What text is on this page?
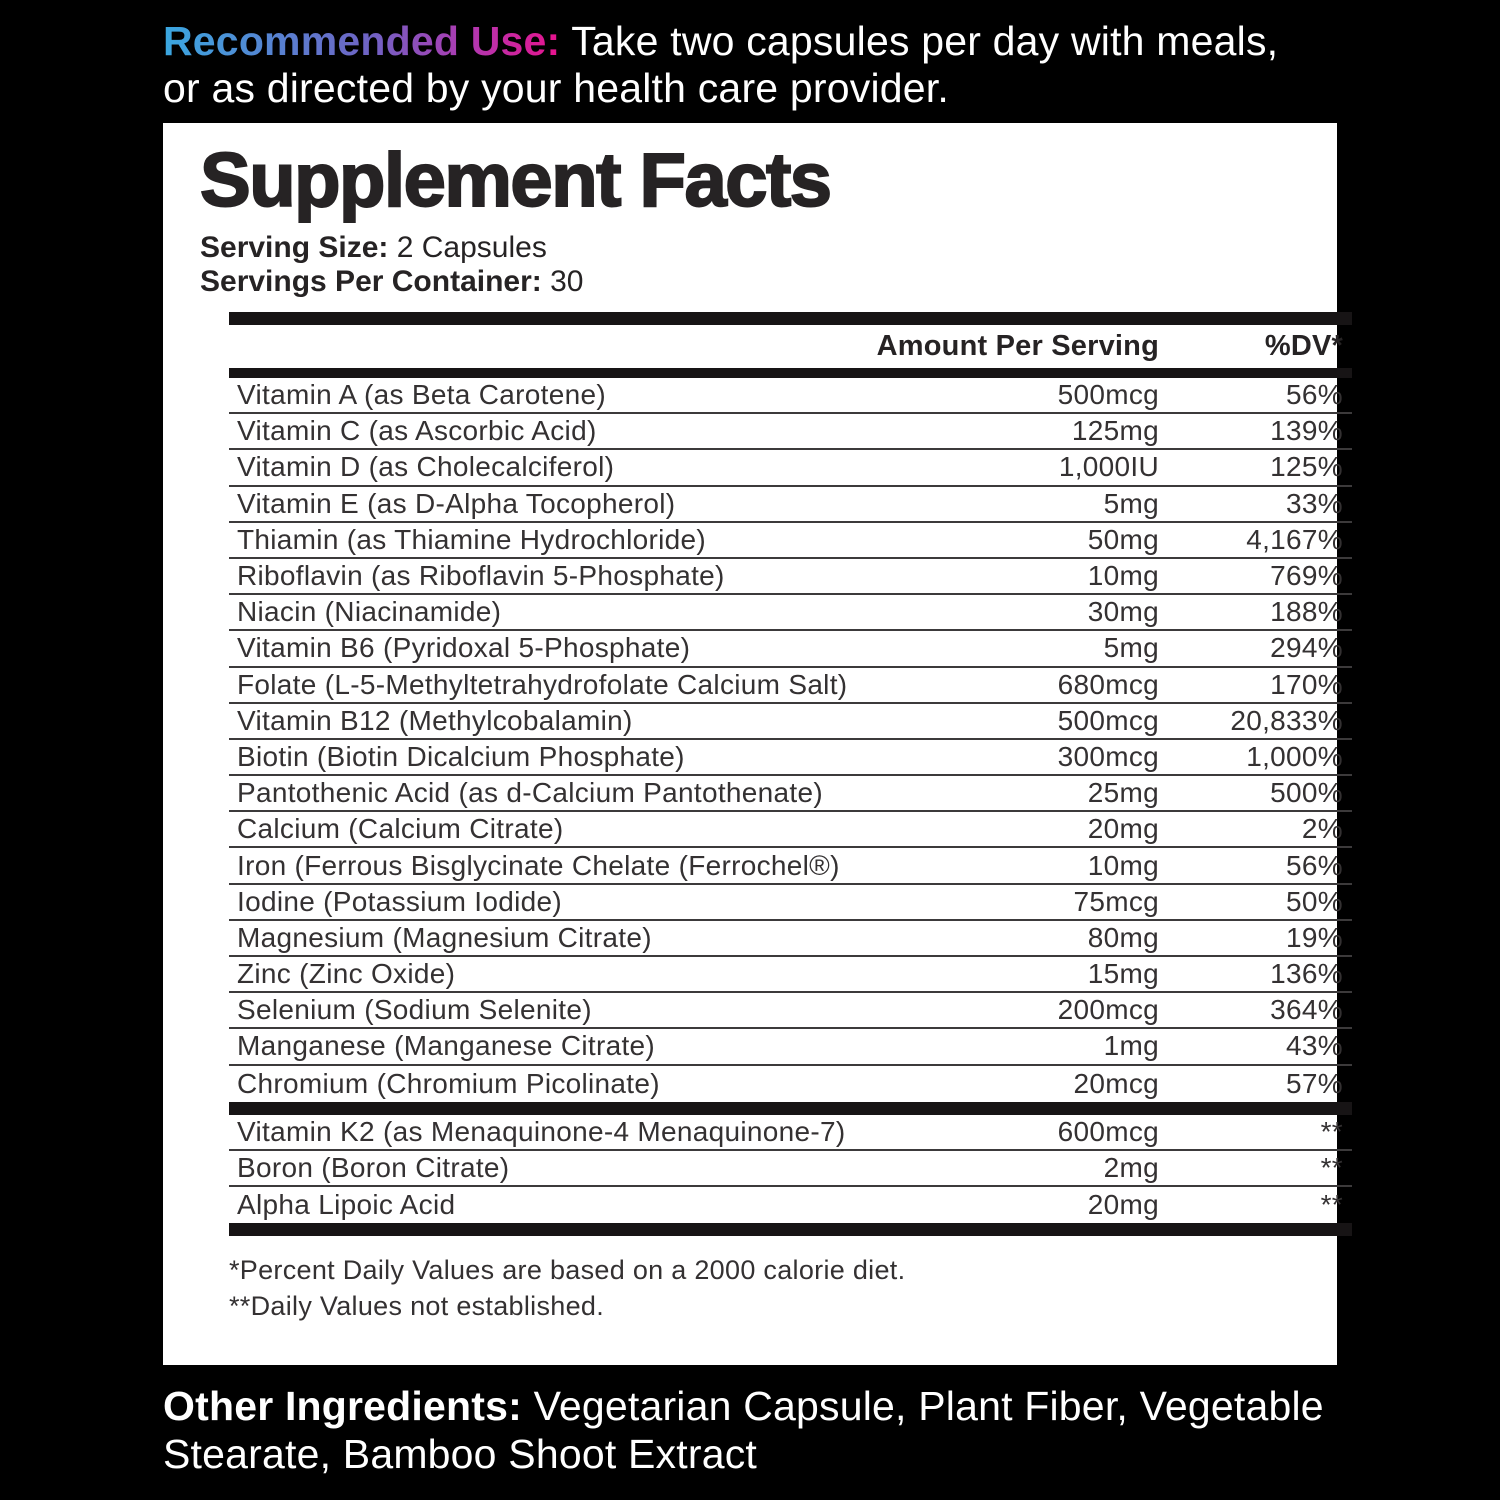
Recommended Use: Take two capsules per day with meals,
or as directed by your health care provider.
Supplement Facts
Serving Size: 2 Capsules
Servings Per Container: 30
Amount Per Serving	%DV*
Vitamin A (as Beta Carotene)	500mcg	56%
Vitamin C (as Ascorbic Acid)	125mg	139%
Vitamin D (as Cholecalciferol)	1,000IU	125%
Vitamin E (as D-Alpha Tocopherol)	5mg	33%
Thiamin (as Thiamine Hydrochloride)	50mg	4,167%
Riboflavin (as Riboflavin 5-Phosphate)	10mg	769%
Niacin (Niacinamide)	30mg	188%
Vitamin B6 (Pyridoxal 5-Phosphate)	5mg	294%
Folate (L-5-Methyltetrahydrofolate Calcium Salt)	680mcg	170%
Vitamin B12 (Methylcobalamin)	500mcg	20,833%
Biotin (Biotin Dicalcium Phosphate)	300mcg	1,000%
Pantothenic Acid (as d-Calcium Pantothenate)	25mg	500%
Calcium (Calcium Citrate)	20mg	2%
Iron (Ferrous Bisglycinate Chelate (Ferrochel®)	10mg	56%
Iodine (Potassium Iodide)	75mcg	50%
Magnesium (Magnesium Citrate)	80mg	19%
Zinc (Zinc Oxide)	15mg	136%
Selenium (Sodium Selenite)	200mcg	364%
Manganese (Manganese Citrate)	1mg	43%
Chromium (Chromium Picolinate)	20mcg	57%
Vitamin K2 (as Menaquinone-4 Menaquinone-7)	600mcg	**
Boron (Boron Citrate)	2mg	**
Alpha Lipoic Acid	20mg	**
*Percent Daily Values are based on a 2000 calorie diet.
**Daily Values not established.
Other Ingredients: Vegetarian Capsule, Plant Fiber, Vegetable
Stearate, Bamboo Shoot Extract
